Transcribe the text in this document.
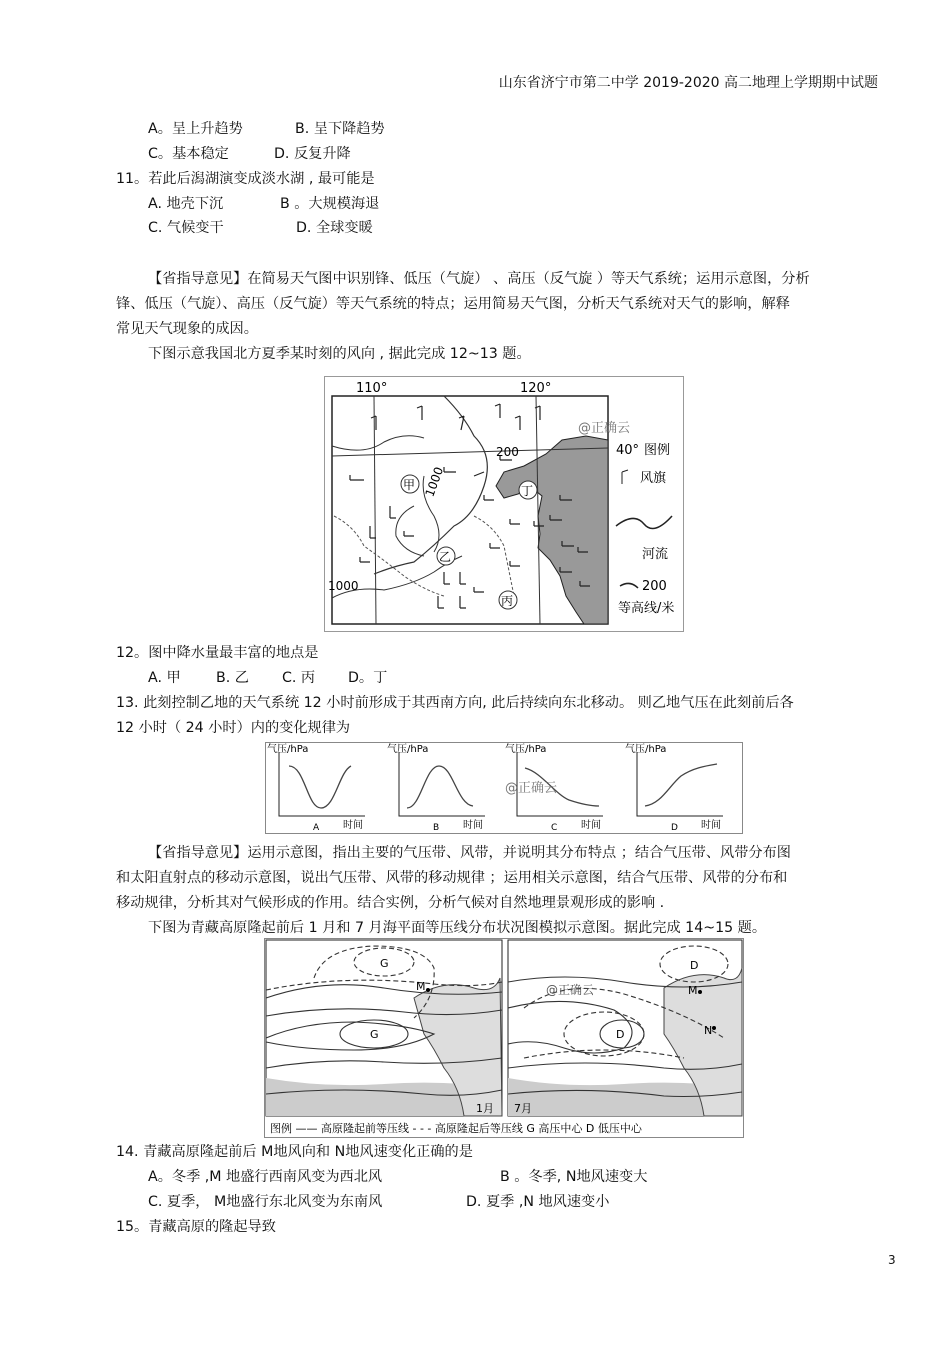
山东省济宁市第二中学 2019-2020 高二地理上学期期中试题
A。呈上升趋势	B. 呈下降趋势
C。基本稳定	D. 反复升降
11。若此后潟湖演变成淡水湖 , 最可能是
A. 地壳下沉	B 。大规模海退
C. 气候变干	D. 全球变暖
【省指导意见】在简易天气图中识别锋、低压（气旋） 、高压（反气旋 ）等天气系统；运用示意图，分析
锋、低压（气旋）、高压（反气旋）等天气系统的特点；运用简易天气图，分析天气系统对天气的影响，解释
常见天气现象的成因。
下图示意我国北方夏季某时刻的风向 , 据此完成 12~13 题。
110°	120°
40°
200
1000
1000
甲
乙
丙
丁
@正确云
图例
风旗
河流
200
等高线/米
12。图中降水量最丰富的地点是
A. 甲 B. 乙 C. 丙 D。丁
13. 此刻控制乙地的天气系统 12 小时前形成于其西南方向, 此后持续向东北移动。 则乙地气压在此刻前后各
12 小时（ 24 小时）内的变化规律为
气压/hPa	气压/hPa	气压/hPa	气压/hPa
时间	时间	时间	时间
A	B	C	D
@正确云
【省指导意见】运用示意图，指出主要的气压带、风带，并说明其分布特点 ；结合气压带、风带分布图
和太阳直射点的移动示意图，说出气压带、风带的移动规律 ；运用相关示意图，结合气压带、风带的分布和
移动规律，分析其对气候形成的作用。结合实例，分析气候对自然地理景观形成的影响 .
下图为青藏高原隆起前后 1 月和 7 月海平面等压线分布状况图模拟示意图。据此完成 14~15 题。
G
G
M
1月
D
D
M
N
@正确云
7月
图例 —— 高原隆起前等压线 - - - 高原隆起后等压线 G 高压中心 D 低压中心
14. 青藏高原隆起前后 M地风向和 N地风速变化正确的是
A。冬季 ,M 地盛行西南风变为西北风	B 。冬季, N地风速变大
C. 夏季， M地盛行东北风变为东南风	D. 夏季 ,N 地风速变小
15。青藏高原的隆起导致
3
